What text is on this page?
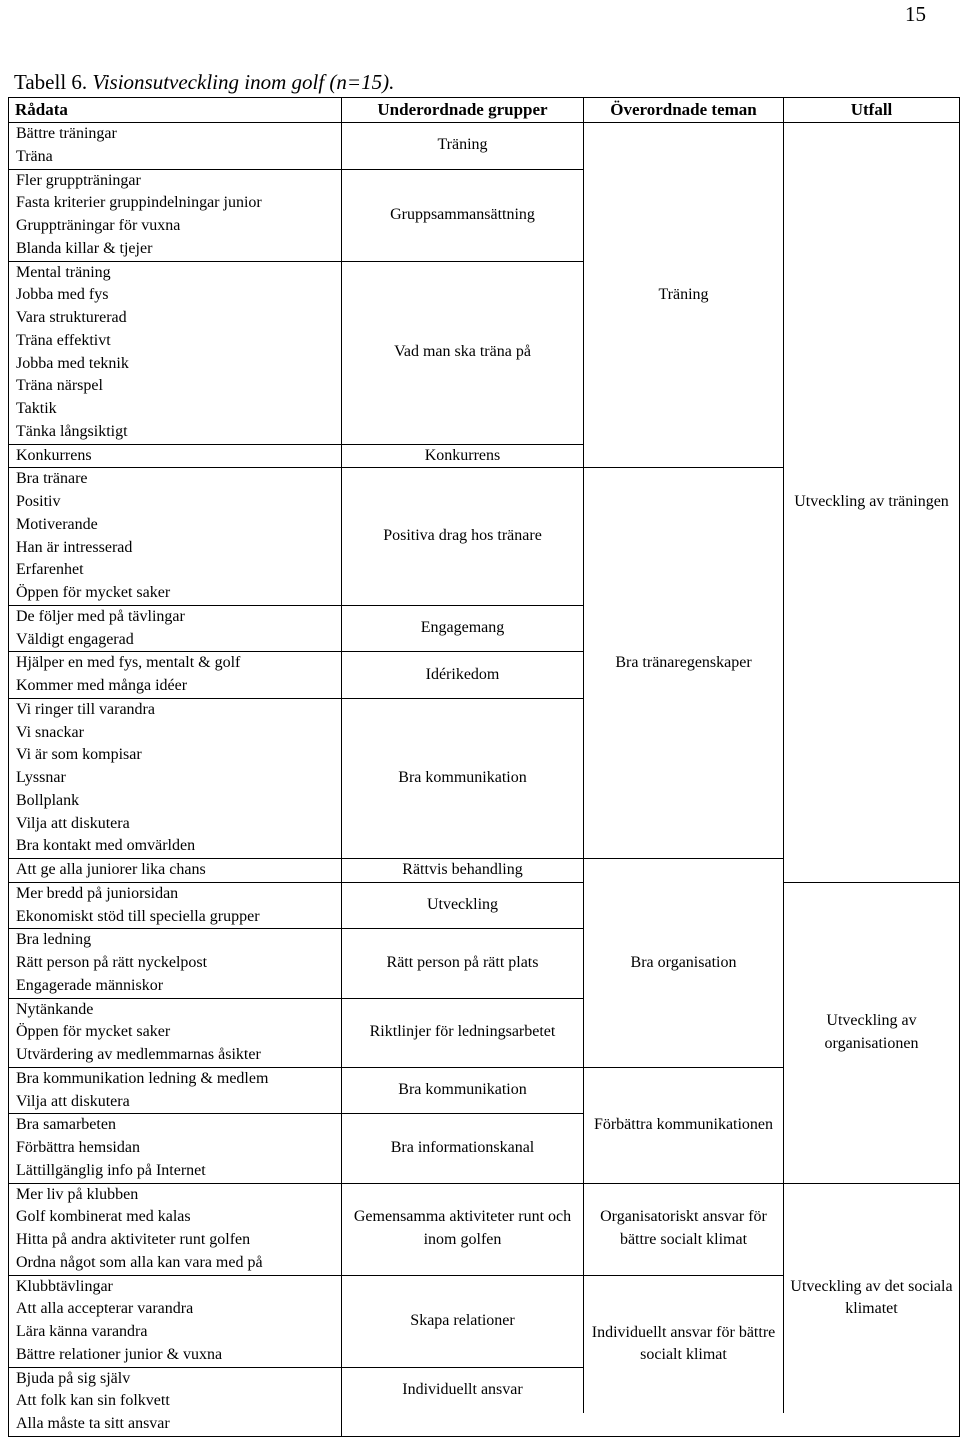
15
Tabell 6. Visionsutveckling inom golf (n=15).
Rådata	Underordnade grupper	Överordnade teman	Utfall
Bättre träningar	Träning	Träning	Utveckling av träningen
Träna			
Fler gruppträningar	Gruppsammansättning		
Fasta kriterier gruppindelningar junior			
Gruppträningar för vuxna			
Blanda killar & tjejer			
Mental träning	Vad man ska träna på		
Jobba med fys			
Vara strukturerad			
Träna effektivt			
Jobba med teknik			
Träna närspel			
Taktik			
Tänka långsiktigt			
Konkurrens	Konkurrens		
Bra tränare	Positiva drag hos tränare	Bra tränaregenskaper	
Positiv			
Motiverande			
Han är intresserad			
Erfarenhet			
Öppen för mycket saker			
De följer med på tävlingar	Engagemang		
Väldigt engagerad			
Hjälper en med fys, mentalt & golf	Idérikedom		
Kommer med många idéer			
Vi ringer till varandra	Bra kommunikation		
Vi snackar			
Vi är som kompisar			
Lyssnar			
Bollplank			
Vilja att diskutera			
Bra kontakt med omvärlden			
Att ge alla juniorer lika chans	Rättvis behandling	Bra organisation	
Mer bredd på juniorsidan	Utveckling		Utveckling av organisationen
Ekonomiskt stöd till speciella grupper			
Bra ledning	Rätt person på rätt plats		
Rätt person på rätt nyckelpost			
Engagerade människor			
Nytänkande	Riktlinjer för ledningsarbetet		
Öppen för mycket saker			
Utvärdering av medlemmarnas åsikter			
Bra kommunikation ledning & medlem	Bra kommunikation	Förbättra kommunikationen	
Vilja att diskutera			
Bra samarbeten	Bra informationskanal		
Förbättra hemsidan			
Lättillgänglig info på Internet			
Mer liv på klubben	Gemensamma aktiviteter runt och inom golfen	Organisatoriskt ansvar för bättre socialt klimat	Utveckling av det sociala klimatet
Golf kombinerat med kalas			
Hitta på andra aktiviteter runt golfen			
Ordna något som alla kan vara med på			
Klubbtävlingar	Skapa relationer	Individuellt ansvar för bättre socialt klimat	
Att alla accepterar varandra			
Lära känna varandra			
Bättre relationer junior & vuxna			
Bjuda på sig själv	Individuellt ansvar		
Att folk kan sin folkvett			
Alla måste ta sitt ansvar			
